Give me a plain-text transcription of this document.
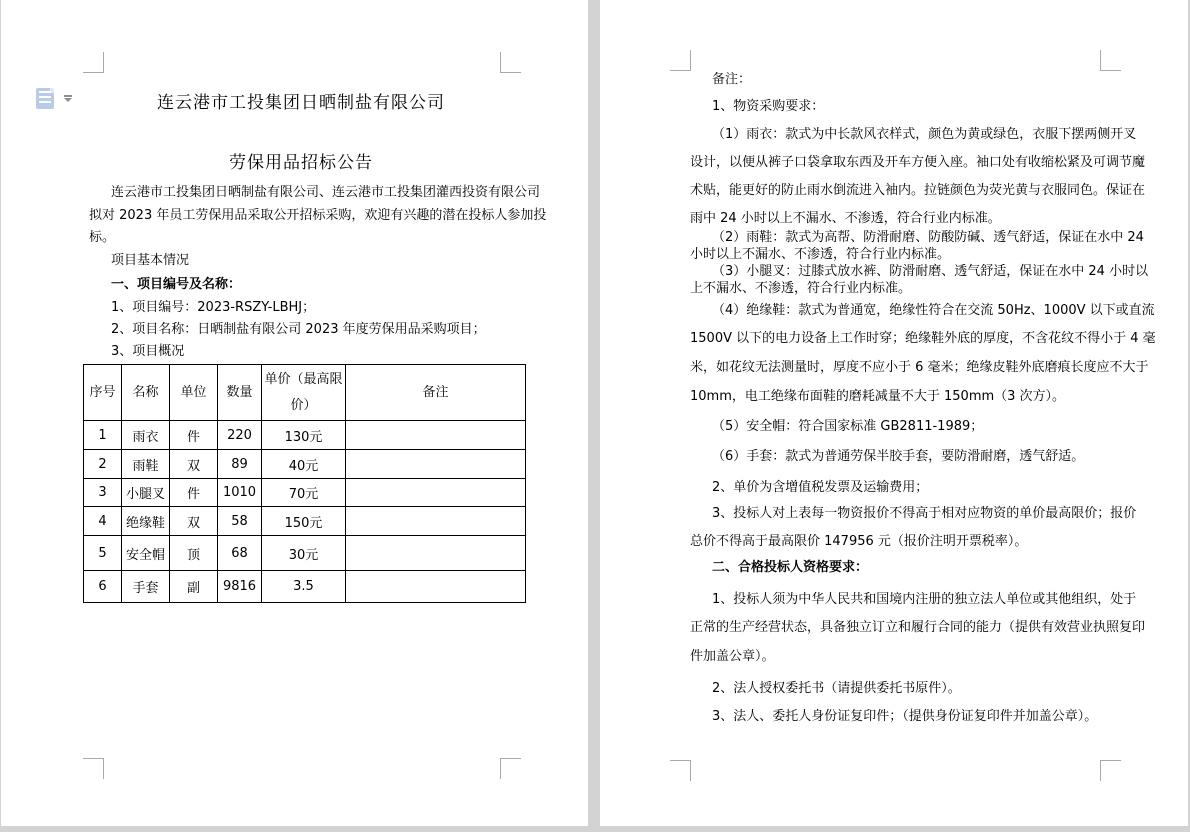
连云港市工投集团日晒制盐有限公司
劳保用品招标公告
连云港市工投集团日晒制盐有限公司、连云港市工投集团灌西投资有限公司
拟对 2023 年员工劳保用品采取公开招标采购，欢迎有兴趣的潜在投标人参加投
标。
项目基本情况
一、项目编号及名称：
1、项目编号：2023-RSZY-LBHJ；
2、项目名称：日晒制盐有限公司 2023 年度劳保用品采购项目；
3、项目概况
序号	名称	单位	数量	单价（最高限价）	备注
1	雨衣	件	220	130元	
2	雨鞋	双	89	40元	
3	小腿叉	件	1010	70元	
4	绝缘鞋	双	58	150元	
5	安全帽	顶	68	30元	
6	手套	副	9816	3.5	
备注：
1、物资采购要求：
（1）雨衣：款式为中长款风衣样式，颜色为黄或绿色，衣服下摆两侧开叉
设计，以便从裤子口袋拿取东西及开车方便入座。袖口处有收缩松紧及可调节魔
术贴，能更好的防止雨水倒流进入袖内。拉链颜色为荧光黄与衣服同色。保证在
雨中 24 小时以上不漏水、不渗透，符合行业内标准。
（2）雨鞋：款式为高帮、防滑耐磨、防酸防碱、透气舒适，保证在水中 24
小时以上不漏水、不渗透，符合行业内标准。
（3）小腿叉：过膝式放水裤、防滑耐磨、透气舒适，保证在水中 24 小时以
上不漏水、不渗透，符合行业内标准。
（4）绝缘鞋：款式为普通宽，绝缘性符合在交流 50Hz、1000V 以下或直流
1500V 以下的电力设备上工作时穿；绝缘鞋外底的厚度，不含花纹不得小于 4 毫
米，如花纹无法测量时，厚度不应小于 6 毫米；绝缘皮鞋外底磨痕长度应不大于
10mm，电工绝缘布面鞋的磨耗减量不大于 150mm（3 次方）。
（5）安全帽：符合国家标准 GB2811-1989；
（6）手套：款式为普通劳保半胶手套，要防滑耐磨，透气舒适。
2、单价为含增值税发票及运输费用；
3、投标人对上表每一物资报价不得高于相对应物资的单价最高限价；报价
总价不得高于最高限价 147956 元（报价注明开票税率）。
二、合格投标人资格要求：
1、投标人须为中华人民共和国境内注册的独立法人单位或其他组织，处于
正常的生产经营状态，具备独立订立和履行合同的能力（提供有效营业执照复印
件加盖公章）。
2、法人授权委托书（请提供委托书原件）。
3、法人、委托人身份证复印件；（提供身份证复印件并加盖公章）。
